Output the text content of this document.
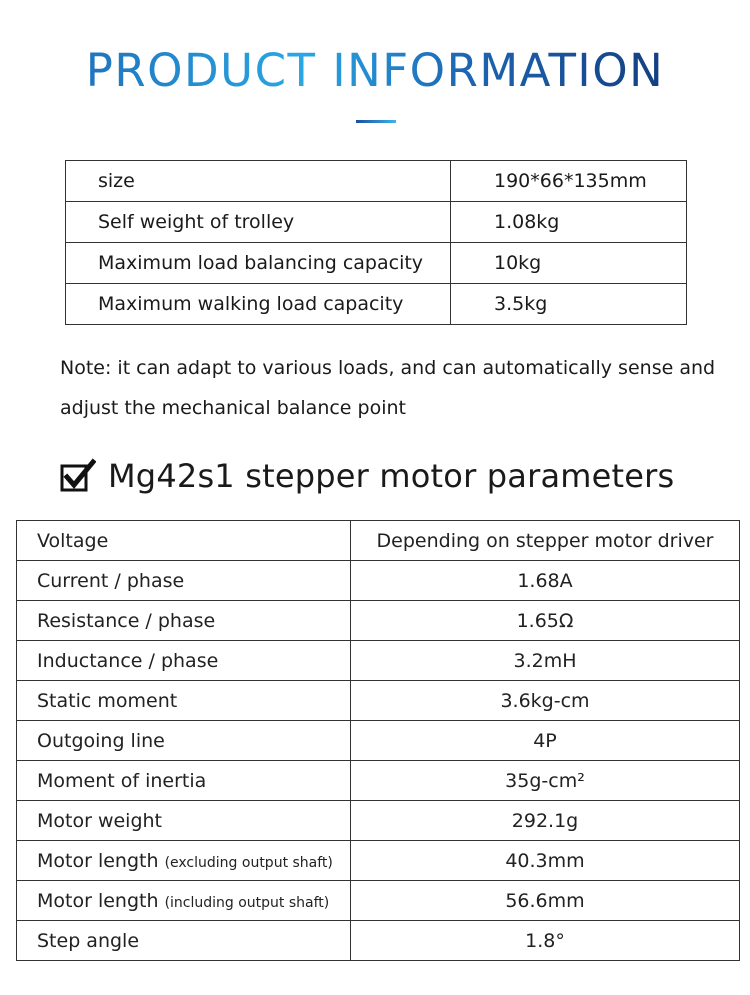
PRODUCT INFORMATION
size	190*66*135mm
Self weight of trolley	1.08kg
Maximum load balancing capacity	10kg
Maximum walking load capacity	3.5kg

Note: it can adapt to various loads, and can automatically sense and adjust the mechanical balance point

Mg42s1 stepper motor parameters
Voltage	Depending on stepper motor driver
Current / phase	1.68A
Resistance / phase	1.65Ω
Inductance / phase	3.2mH
Static moment	3.6kg-cm
Outgoing line	4P
Moment of inertia	35g-cm²
Motor weight	292.1g
Motor length (excluding output shaft)	40.3mm
Motor length (including output shaft)	56.6mm
Step angle	1.8°
